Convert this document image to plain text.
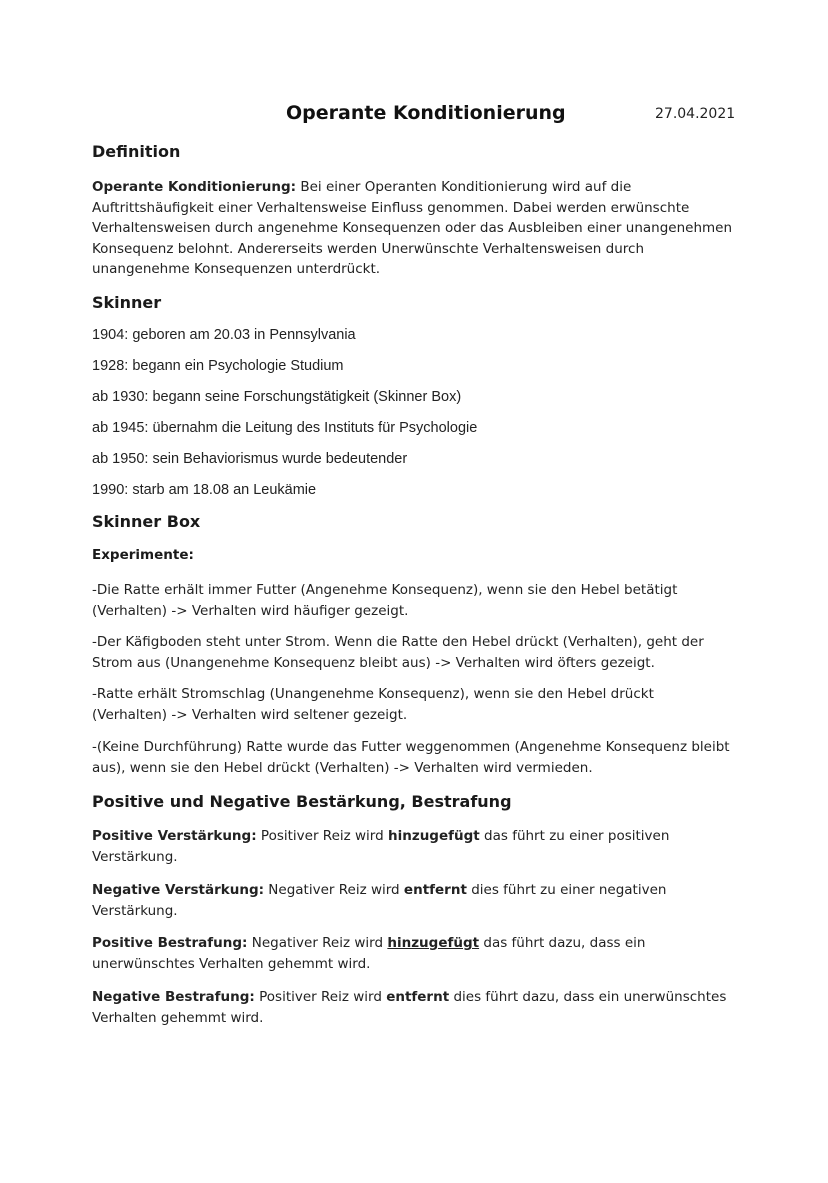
Operante Konditionierung	27.04.2021
Definition
Operante Konditionierung: Bei einer Operanten Konditionierung wird auf die Auftrittshäufigkeit einer Verhaltensweise Einfluss genommen. Dabei werden erwünschte Verhaltensweisen durch angenehme Konsequenzen oder das Ausbleiben einer unangenehmen Konsequenz belohnt. Andererseits werden Unerwünschte Verhaltensweisen durch unangenehme Konsequenzen unterdrückt.
Skinner
1904: geboren am 20.03 in Pennsylvania
1928: begann ein Psychologie Studium
ab 1930: begann seine Forschungstätigkeit (Skinner Box)
ab 1945: übernahm die Leitung des Instituts für Psychologie
ab 1950: sein Behaviorismus wurde bedeutender
1990: starb am 18.08 an Leukämie
Skinner Box
Experimente:
-Die Ratte erhält immer Futter (Angenehme Konsequenz), wenn sie den Hebel betätigt (Verhalten) -> Verhalten wird häufiger gezeigt.
-Der Käfigboden steht unter Strom. Wenn die Ratte den Hebel drückt (Verhalten), geht der Strom aus (Unangenehme Konsequenz bleibt aus) -> Verhalten wird öfters gezeigt.
-Ratte erhält Stromschlag (Unangenehme Konsequenz), wenn sie den Hebel drückt (Verhalten) -> Verhalten wird seltener gezeigt.
-(Keine Durchführung) Ratte wurde das Futter weggenommen (Angenehme Konsequenz bleibt aus), wenn sie den Hebel drückt (Verhalten) -> Verhalten wird vermieden.
Positive und Negative Bestärkung, Bestrafung
Positive Verstärkung: Positiver Reiz wird hinzugefügt das führt zu einer positiven Verstärkung.
Negative Verstärkung: Negativer Reiz wird entfernt dies führt zu einer negativen Verstärkung.
Positive Bestrafung: Negativer Reiz wird hinzugefügt das führt dazu, dass ein unerwünschtes Verhalten gehemmt wird.
Negative Bestrafung: Positiver Reiz wird entfernt dies führt dazu, dass ein unerwünschtes Verhalten gehemmt wird.
